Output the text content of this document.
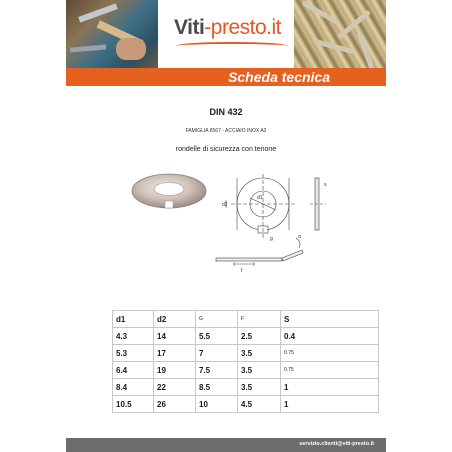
Viti-presto.it
Scheda tecnica
DIN 432
FAMIGLIA 8567 - ACCIAIO INOX A2
rondelle di sicurezza con tenone
d2
d1
g
s
f
α
d1	d2	G	F	S
4.3	14	5.5	2.5	0.4
5.3	17	7	3.5	0.75
6.4	19	7.5	3.5	0.75
8.4	22	8.5	3.5	1
10.5	26	10	4.5	1
servizio.clienti@viti-presto.it
